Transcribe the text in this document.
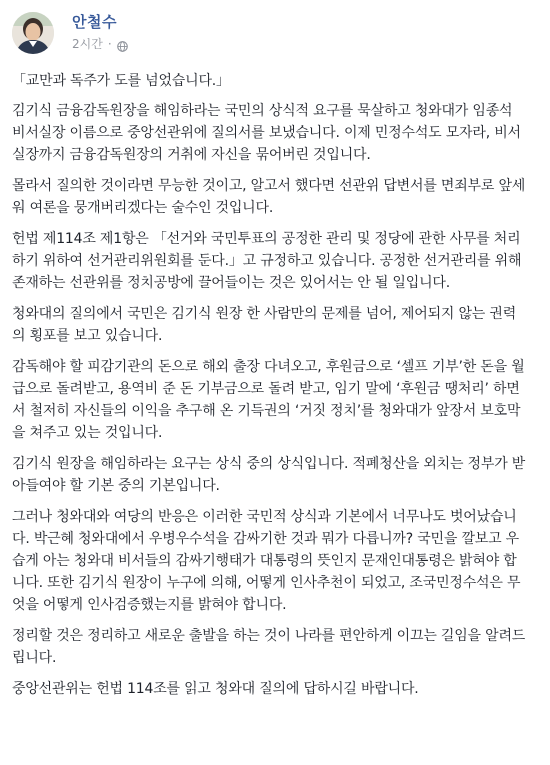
안철수
2시간 ·

「교만과 독주가 도를 넘었습니다.」

김기식 금융감독원장을 해임하라는 국민의 상식적 요구를 묵살하고 청와대가 임종석 비서실장 이름으로 중앙선관위에 질의서를 보냈습니다. 이제 민정수석도 모자라, 비서실장까지 금융감독원장의 거취에 자신을 묶어버린 것입니다.

몰라서 질의한 것이라면 무능한 것이고, 알고서 했다면 선관위 답변서를 면죄부로 앞세워 여론을 뭉개버리겠다는 술수인 것입니다.

헌법 제114조 제1항은 「선거와 국민투표의 공정한 관리 및 정당에 관한 사무를 처리하기 위하여 선거관리위원회를 둔다.」고 규정하고 있습니다. 공정한 선거관리를 위해 존재하는 선관위를 정치공방에 끌어들이는 것은 있어서는 안 될 일입니다.

청와대의 질의에서 국민은 김기식 원장 한 사람만의 문제를 넘어, 제어되지 않는 권력의 횡포를 보고 있습니다.

감독해야 할 피감기관의 돈으로 해외 출장 다녀오고, 후원금으로 ‘셀프 기부’한 돈을 월급으로 돌려받고, 용역비 준 돈 기부금으로 돌려 받고, 임기 말에 ‘후원금 땡처리’ 하면서 철저히 자신들의 이익을 추구해 온 기득권의 ‘거짓 정치’를 청와대가 앞장서 보호막을 쳐주고 있는 것입니다.

김기식 원장을 해임하라는 요구는 상식 중의 상식입니다. 적폐청산을 외치는 정부가 받아들여야 할 기본 중의 기본입니다.

그러나 청와대와 여당의 반응은 이러한 국민적 상식과 기본에서 너무나도 벗어났습니다. 박근혜 청와대에서 우병우수석을 감싸기한 것과 뭐가 다릅니까? 국민을 깔보고 우습게 아는 청와대 비서들의 감싸기행태가 대통령의 뜻인지 문재인대통령은 밝혀야 합니다. 또한 김기식 원장이 누구에 의해, 어떻게 인사추천이 되었고, 조국민정수석은 무엇을 어떻게 인사검증했는지를 밝혀야 합니다.

정리할 것은 정리하고 새로운 출발을 하는 것이 나라를 편안하게 이끄는 길임을 알려드립니다.

중앙선관위는 헌법 114조를 읽고 청와대 질의에 답하시길 바랍니다.
